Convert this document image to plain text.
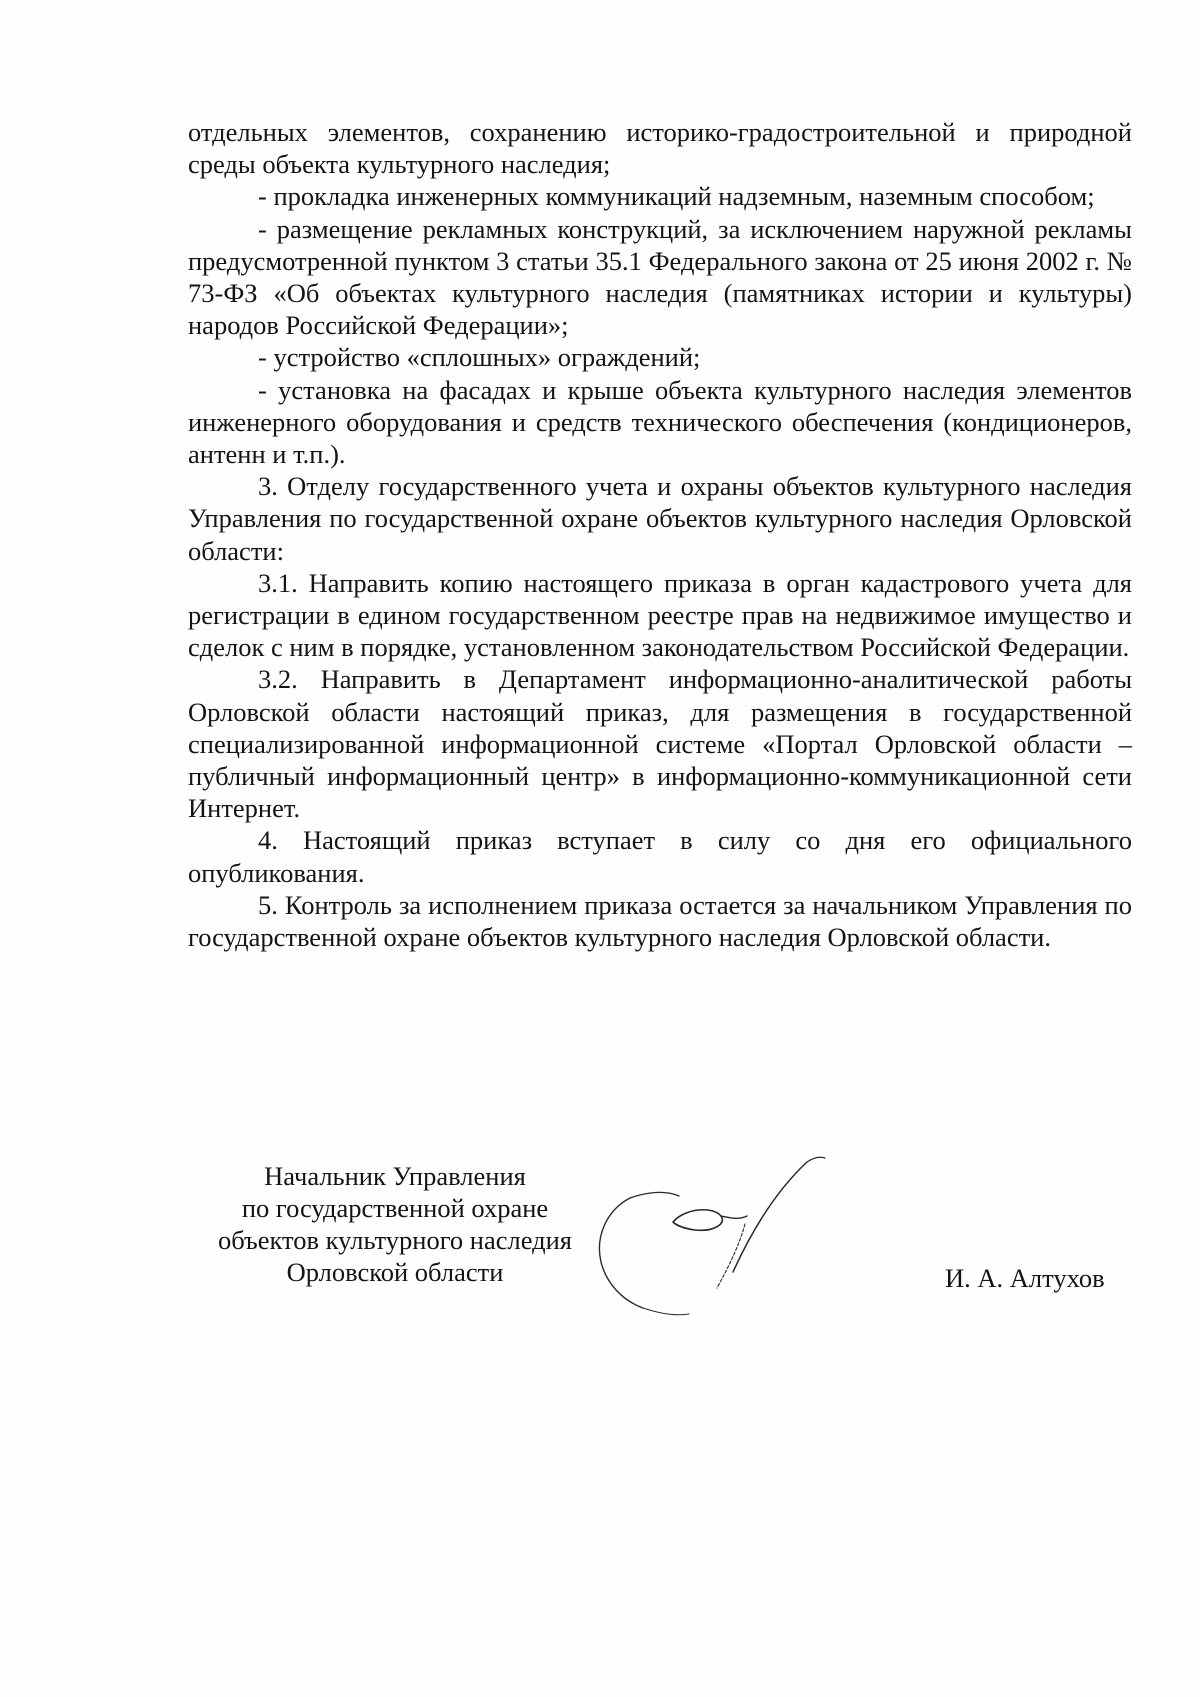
отдельных элементов, сохранению историко-градостроительной и природной среды объекта культурного наследия;

- прокладка инженерных коммуникаций надземным, наземным способом;

- размещение рекламных конструкций, за исключением наружной рекламы предусмотренной пунктом 3 статьи 35.1 Федерального закона от 25 июня 2002 г. № 73-ФЗ «Об объектах культурного наследия (памятниках истории и культуры) народов Российской Федерации»;

- устройство «сплошных» ограждений;

- установка на фасадах и крыше объекта культурного наследия элементов инженерного оборудования и средств технического обеспечения (кондиционеров, антенн и т.п.).

3. Отделу государственного учета и охраны объектов культурного наследия Управления по государственной охране объектов культурного наследия Орловской области:

3.1. Направить копию настоящего приказа в орган кадастрового учета для регистрации в едином государственном реестре прав на недвижимое имущество и сделок с ним в порядке, установленном законодательством Российской Федерации.

3.2. Направить в Департамент информационно-аналитической работы Орловской области настоящий приказ, для размещения в государственной специализированной информационной системе «Портал Орловской области – публичный информационный центр» в информационно-коммуникационной сети Интернет.

4. Настоящий приказ вступает в силу со дня его официального опубликования.

5. Контроль за исполнением приказа остается за начальником Управления по государственной охране объектов культурного наследия Орловской области.

Начальник Управления
по государственной охране
объектов культурного наследия
Орловской области	И. А. Алтухов
